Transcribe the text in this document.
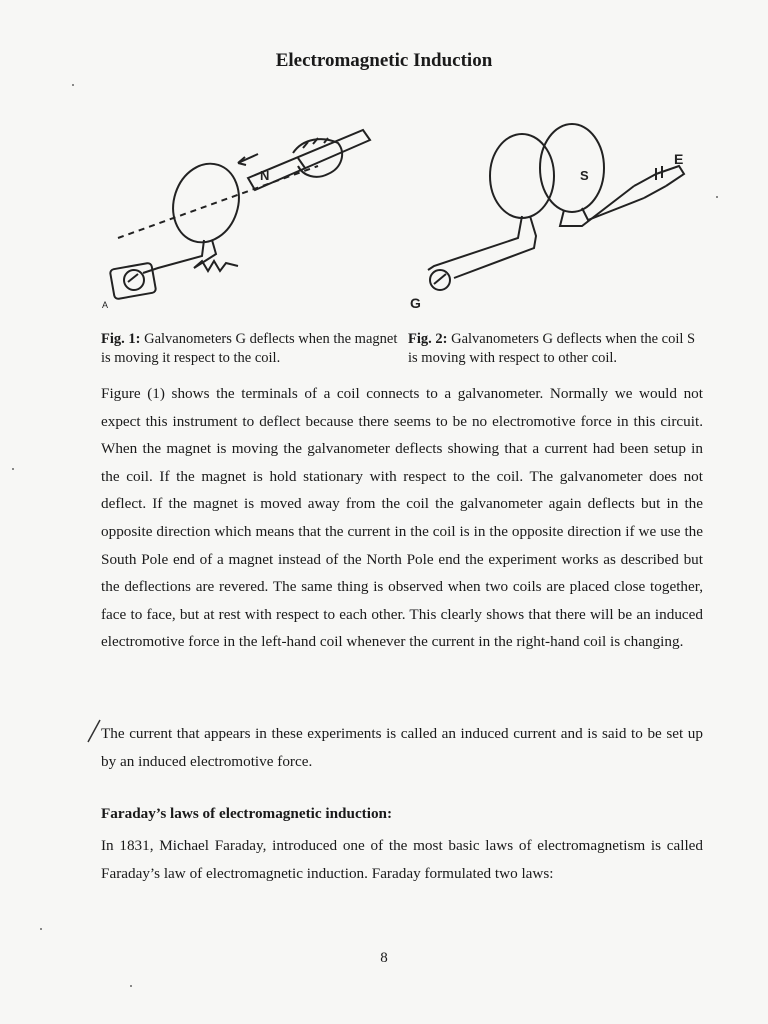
Electromagnetic Induction
N
A
S
E
G
Fig. 1: Galvanometers G deflects when the magnet is moving it respect to the coil.
Fig. 2: Galvanometers G deflects when the coil S is moving with respect to other coil.
Figure (1) shows the terminals of a coil connects to a galvanometer. Normally we would not expect this instrument to deflect because there seems to be no electromotive force in this circuit. When the magnet is moving the galvanometer deflects showing that a current had been setup in the coil. If the magnet is hold stationary with respect to the coil. The galvanometer does not deflect. If the magnet is moved away from the coil the galvanometer again deflects but in the opposite direction which means that the current in the coil is in the opposite direction if we use the South Pole end of a magnet instead of the North Pole end the experiment works as described but the deflections are revered. The same thing is observed when two coils are placed close together, face to face, but at rest with respect to each other. This clearly shows that there will be an induced electromotive force in the left-hand coil whenever the current in the right-hand coil is changing.
The current that appears in these experiments is called an induced current and is said to be set up by an induced electromotive force.
Faraday’s laws of electromagnetic induction:
In 1831, Michael Faraday, introduced one of the most basic laws of electromagnetism is called Faraday’s law of electromagnetic induction. Faraday formulated two laws:
8
